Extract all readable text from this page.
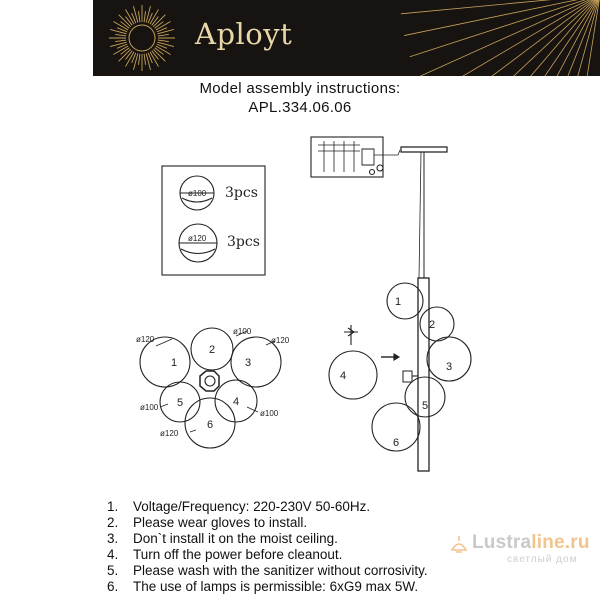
Aployt
Model assembly instructions:
APL.334.06.06
ø100 3pcs
ø120 3pcs
ø120
ø100
ø120
ø100
ø100
ø120
1
2
3
4
5
6
1
2
3
4
5
6
1.	Voltage/Frequency: 220-230V 50-60Hz.
2.	Please wear gloves to install.
3.	Don`t install it on the moist ceiling.
4.	Turn off the power before cleanout.
5.	Please wash with the sanitizer without corrosivity.
6.	The use of lamps is permissible: 6xG9 max 5W.
Lustraline.ru
светлый дом
